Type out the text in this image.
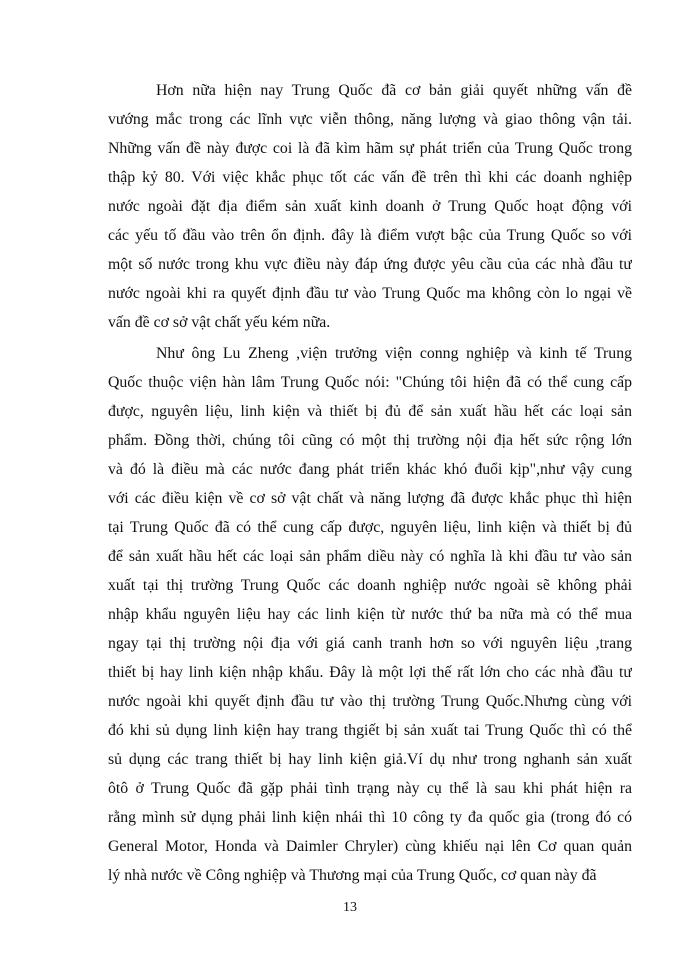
Hơn nữa hiện nay Trung Quốc đã cơ bản giải quyết những vấn đề
vướng mắc trong các lĩnh vực viễn thông, năng lượng và giao thông vận tải.
Những vấn đề này được coi là đã kìm hãm sự phát triển của Trung Quốc trong
thập kỷ 80. Với việc khắc phục tốt các vấn đề trên thì khi các doanh nghiệp
nước ngoài đặt địa điểm sản xuất kinh doanh ở Trung Quốc hoạt động với
các yếu tố đầu vào trên ổn định. đây là điểm vượt bậc của Trung Quốc so với
một số nước trong khu vực điều này đáp ứng được yêu cầu của các nhà đầu tư
nước ngoài khi ra quyết định đầu tư vào Trung Quốc ma không còn lo ngại về
vấn đề cơ sở vật chất yếu kém nữa.
Như ông Lu Zheng ,viện trưởng viện conng nghiệp và kinh tế Trung
Quốc thuộc viện hàn lâm Trung Quốc nói: "Chúng tôi hiện đã có thể cung cấp
được, nguyên liệu, linh kiện và thiết bị đủ để sản xuất hầu hết các loại sản
phẩm. Đồng thời, chúng tôi cũng có một thị trường nội địa hết sức rộng lớn
và đó là điều mà các nước đang phát triển khác khó đuổi kịp",như vậy cung
với các điều kiện về cơ sở vật chất và năng lượng đã được khắc phục thì hiện
tại Trung Quốc đã có thể cung cấp được, nguyên liệu, linh kiện và thiết bị đủ
để sản xuất hầu hết các loại sản phẩm diều này có nghĩa là khi đầu tư vào sản
xuất tại thị trường Trung Quốc các doanh nghiệp nước ngoài sẽ không phải
nhập khẩu nguyên liệu hay các linh kiện từ nước thứ ba nữa mà có thể mua
ngay tại thị trường nội địa với giá canh tranh hơn so với nguyên liệu ,trang
thiết bị hay linh kiện nhập khẩu. Đây là một lợi thế rất lớn cho các nhà đầu tư
nước ngoài khi quyết định đầu tư vào thị trường Trung Quốc.Nhưng cùng với
đó khi sủ dụng linh kiện hay trang thgiết bị sản xuất tai Trung Quốc thì có thể
sủ dụng các trang thiết bị hay linh kiện giả.Ví dụ như trong nghanh sản xuất
ôtô ở Trung Quốc đã gặp phải tình trạng này cụ thể là sau khi phát hiện ra
rằng mình sử dụng phải linh kiện nhái thì 10 công ty đa quốc gia (trong đó có
General Motor, Honda và Daimler Chryler) cùng khiếu nại lên Cơ quan quản
lý nhà nước về Công nghiệp và Thương mại của Trung Quốc, cơ quan này đã
13
